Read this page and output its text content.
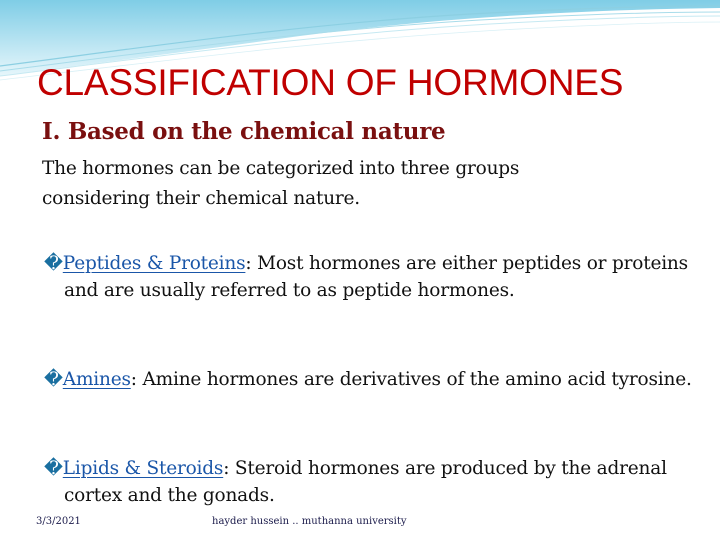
CLASSIFICATION OF HORMONES
I. Based on the chemical nature

The hormones can be categorized into three groups considering their chemical nature.

�Peptides & Proteins: Most hormones are either peptides or proteins and are usually referred to as peptide hormones.
�Amines: Amine hormones are derivatives of the amino acid tyrosine.
�Lipids & Steroids: Steroid hormones are produced by the adrenal cortex and the gonads.

3/3/2021	hayder hussein .. muthanna university
